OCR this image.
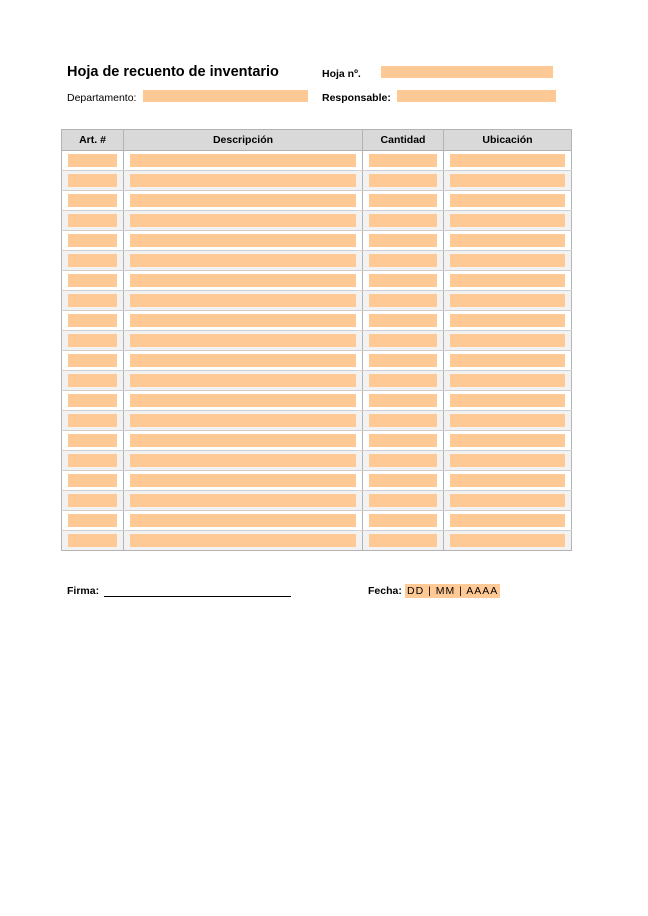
Hoja de recuento de inventario	Hoja nº.
Departamento:	Responsable:
Art. #	Descripción	Cantidad	Ubicación

Firma:	Fecha: DD | MM | AAAA
